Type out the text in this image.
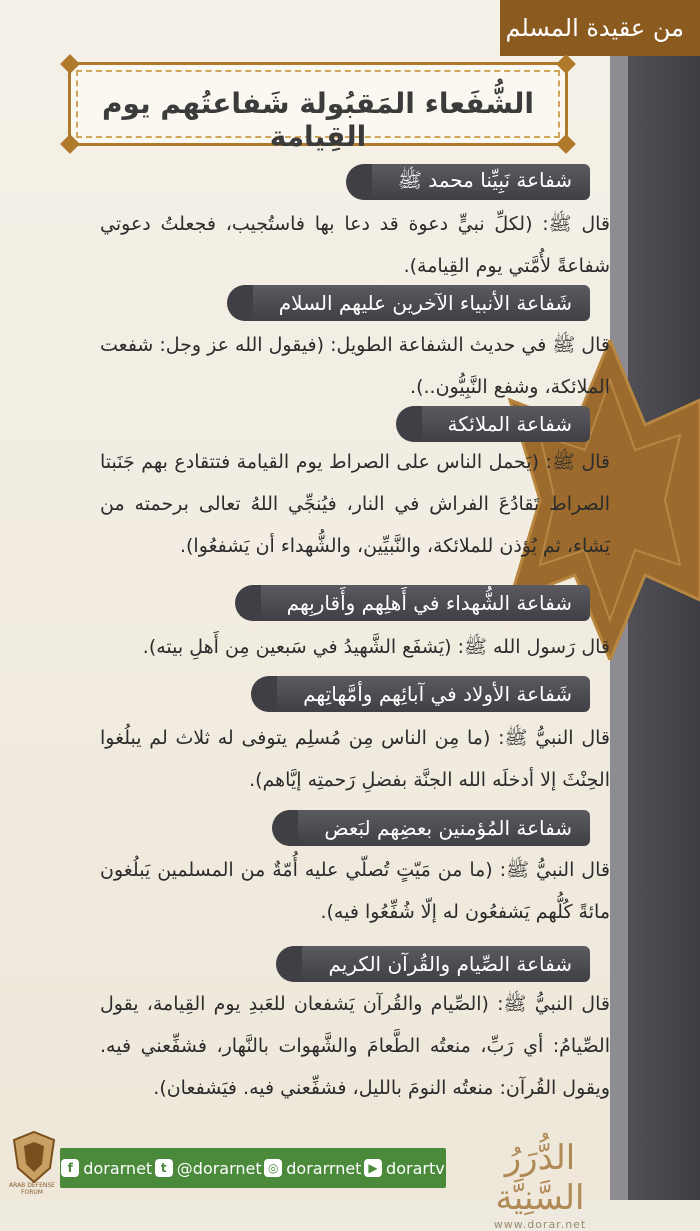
من عقيدة المسلم
الشُّفَعاء المَقبُولة شَفاعتُهم يوم القِيامة
شفاعة نَبِيِّنا محمد ﷺ
قال ﷺ: (لكلِّ نبيٍّ دعوة قد دعا بها فاستُجيب، فجعلتُ دعوتي شفاعةً لأُمَّتي يوم القِيامة).
شَفاعة الأنبياء الآخرين عليهم السلام
قال ﷺ في حديث الشفاعة الطويل: (فيقول الله عز وجل: شفعت الملائكة، وشفع النَّبِيُّون..).
شفاعة الملائكة
قال ﷺ: (يَحمل الناس على الصراط يوم القيامة فتتقادع بهم جَنَبتا الصراط تَقادُعَ الفراش في النار، فيُنجِّي اللهُ تعالى برحمته من يَشاء، ثم يُؤذن للملائكة، والنَّبيِّين، والشُّهداء أن يَشفعُوا).
شفاعة الشُّهداء في أَهلِهم وأَقاربِهم
قال رَسول الله ﷺ: (يَشفَع الشَّهيدُ في سَبعين مِن أَهلِ بيته).
شَفاعة الأولاد في آبائِهم وأمَّهاتِهم
قال النبيُّ ﷺ: (ما مِن الناس مِن مُسلِم يتوفى له ثلاث لم يبلُغوا الحِنْثَ إلا أدخلَه الله الجنَّة بفضلِ رَحمتِه إيَّاهم).
شفاعة المُؤمنين بعضِهم لبَعض
قال النبيُّ ﷺ: (ما من مَيّتٍ تُصلّي عليه أُمّةٌ من المسلمين يَبلُغون مائةً كُلُّهم يَشفعُون له إلّا شُفِّعُوا فيه).
شفاعة الصِّيام والقُرآن الكريم
قال النبيُّ ﷺ: (الصِّيام والقُرآن يَشفعان للعَبدِ يوم القِيامة، يقول الصِّيامُ: أي رَبِّ، منعتُه الطَّعامَ والشَّهوات بالنَّهار، فشفِّعني فيه. ويقول القُرآن: منعتُه النومَ بالليل، فشفِّعني فيه. فيَشفعان).
ARAB DEFENSE FORUM
f dorarnet t @dorarnet ◎ dorarrnet ▶ dorartv	الدُّرَرُ السَّنِيَّة
www.dorar.net
